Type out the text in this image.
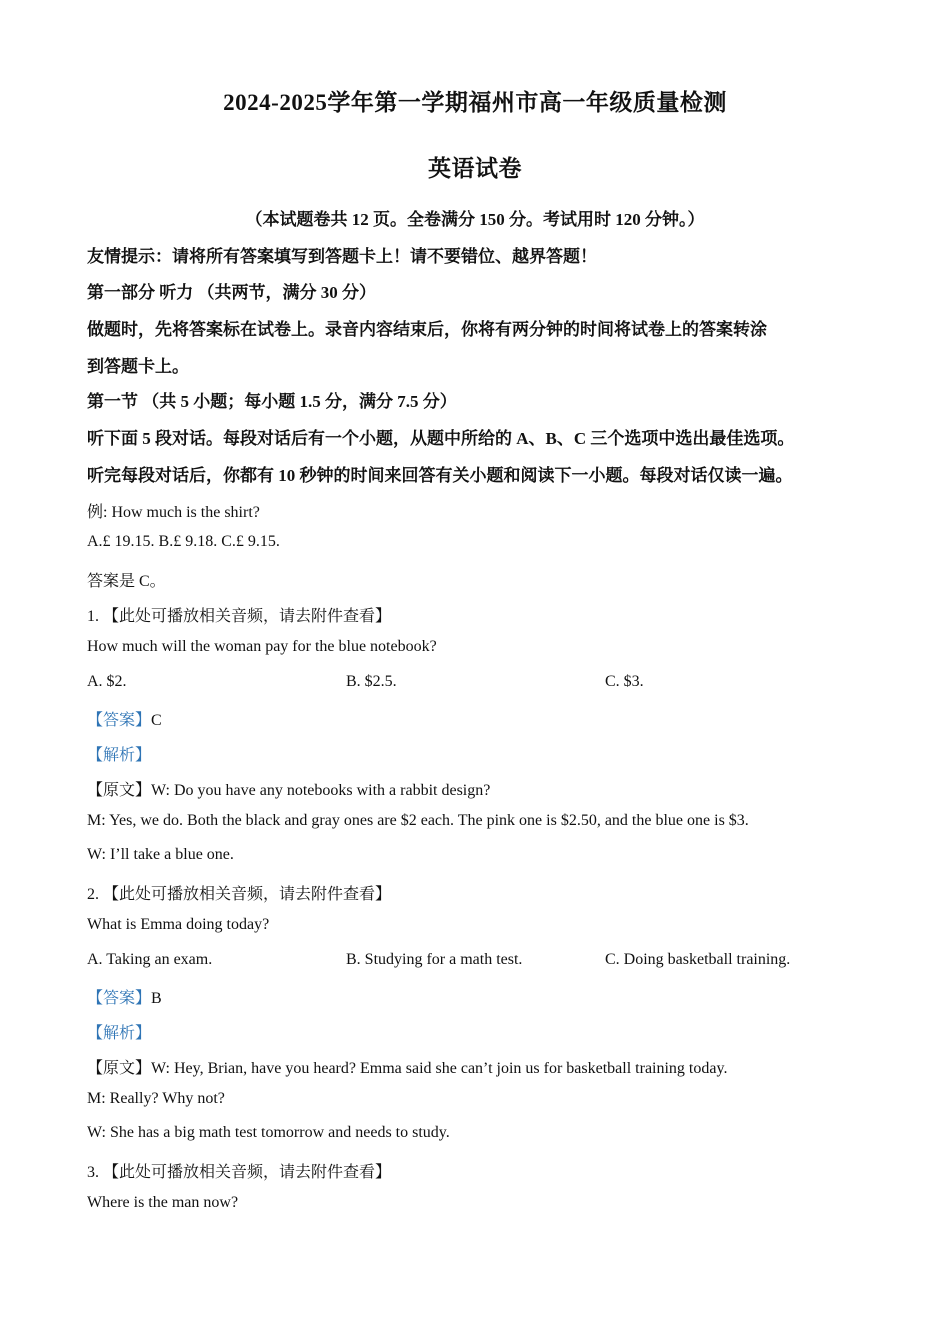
2024-2025学年第一学期福州市高一年级质量检测
英语试卷
（本试题卷共 12 页。全卷满分 150 分。考试用时 120 分钟。）
友情提示：请将所有答案填写到答题卡上！请不要错位、越界答题！
第一部分 听力 （共两节，满分 30 分）
做题时，先将答案标在试卷上。录音内容结束后，你将有两分钟的时间将试卷上的答案转涂
到答题卡上。
第一节 （共 5 小题；每小题 1.5 分，满分 7.5 分）
听下面 5 段对话。每段对话后有一个小题，从题中所给的 A、B、C 三个选项中选出最佳选项。
听完每段对话后，你都有 10 秒钟的时间来回答有关小题和阅读下一小题。每段对话仅读一遍。
例: How much is the shirt?
A.£ 19.15. B.£ 9.18. C.£ 9.15.
答案是 C。
1. 【此处可播放相关音频，请去附件查看】
How much will the woman pay for the blue notebook?
A. $2.	B. $2.5.	C. $3.
【答案】C
【解析】
【原文】W: Do you have any notebooks with a rabbit design?
M: Yes, we do. Both the black and gray ones are $2 each. The pink one is $2.50, and the blue one is $3.
W: I’ll take a blue one.
2. 【此处可播放相关音频，请去附件查看】
What is Emma doing today?
A. Taking an exam.	B. Studying for a math test.	C. Doing basketball training.
【答案】B
【解析】
【原文】W: Hey, Brian, have you heard? Emma said she can’t join us for basketball training today.
M: Really? Why not?
W: She has a big math test tomorrow and needs to study.
3. 【此处可播放相关音频，请去附件查看】
Where is the man now?
